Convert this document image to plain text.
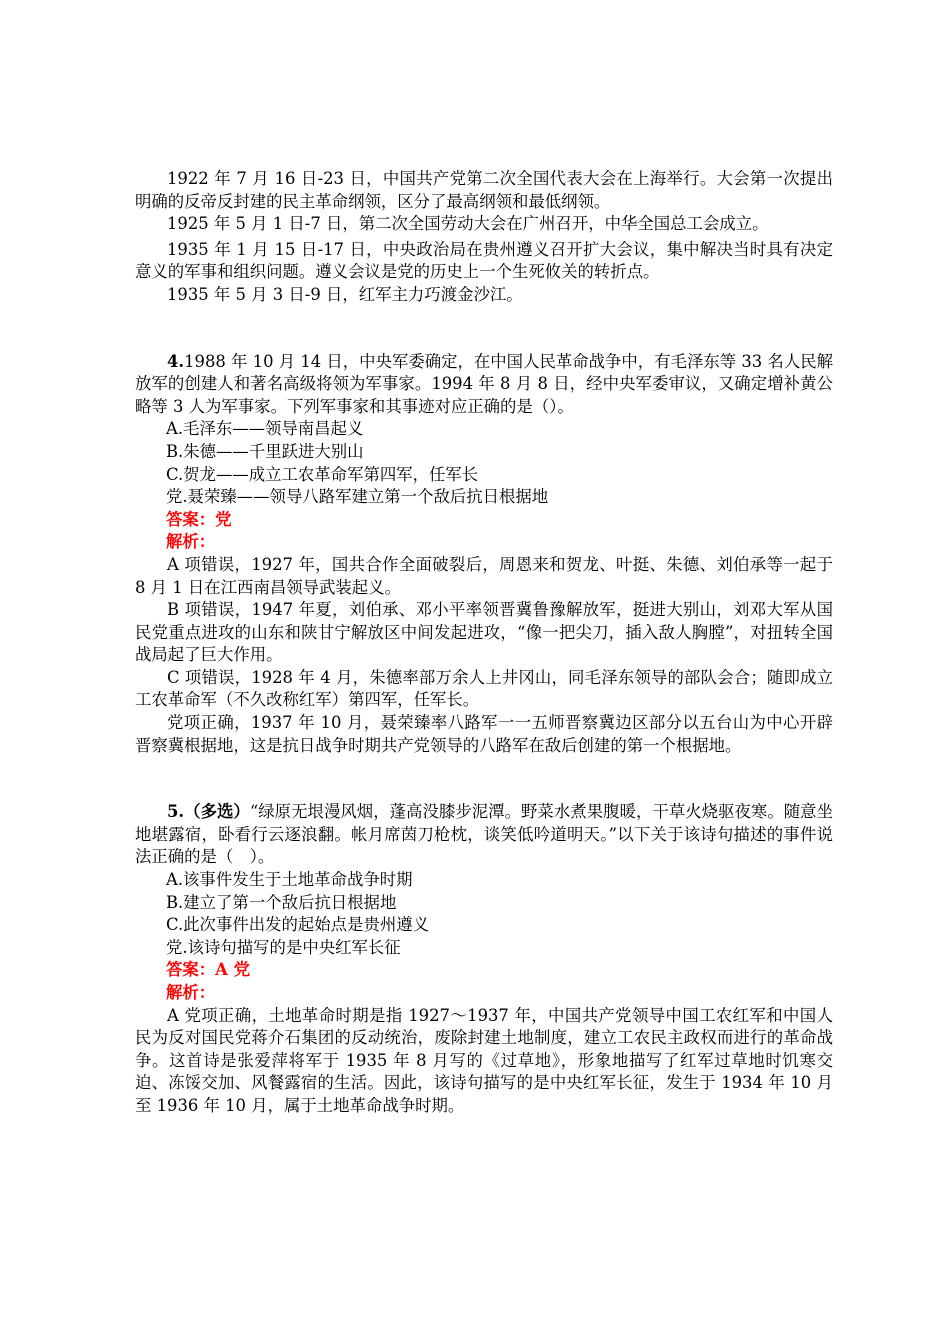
1922 年 7 月 16 日-23 日，中国共产党第二次全国代表大会在上海举行。大会第一次提出明确的反帝反封建的民主革命纲领，区分了最高纲领和最低纲领。

1925 年 5 月 1 日-7 日，第二次全国劳动大会在广州召开，中华全国总工会成立。

1935 年 1 月 15 日-17 日，中央政治局在贵州遵义召开扩大会议，集中解决当时具有决定意义的军事和组织问题。遵义会议是党的历史上一个生死攸关的转折点。

1935 年 5 月 3 日-9 日，红军主力巧渡金沙江。

4.1988 年 10 月 14 日，中央军委确定，在中国人民革命战争中，有毛泽东等 33 名人民解放军的创建人和著名高级将领为军事家。1994 年 8 月 8 日，经中央军委审议，又确定增补黄公略等 3 人为军事家。下列军事家和其事迹对应正确的是（）。

A.毛泽东——领导南昌起义

B.朱德——千里跃进大别山

C.贺龙——成立工农革命军第四军，任军长

党.聂荣臻——领导八路军建立第一个敌后抗日根据地

答案：党

解析：

A 项错误，1927 年，国共合作全面破裂后，周恩来和贺龙、叶挺、朱德、刘伯承等一起于 8 月 1 日在江西南昌领导武装起义。

B 项错误，1947 年夏，刘伯承、邓小平率领晋冀鲁豫解放军，挺进大别山，刘邓大军从国民党重点进攻的山东和陕甘宁解放区中间发起进攻，“像一把尖刀，插入敌人胸膛”，对扭转全国战局起了巨大作用。

C 项错误，1928 年 4 月，朱德率部万余人上井冈山，同毛泽东领导的部队会合；随即成立工农革命军（不久改称红军）第四军，任军长。

党项正确，1937 年 10 月，聂荣臻率八路军一一五师晋察冀边区部分以五台山为中心开辟晋察冀根据地，这是抗日战争时期共产党领导的八路军在敌后创建的第一个根据地。

5.（多选）“绿原无垠漫风烟，蓬高没膝步泥潭。野菜水煮果腹暖，干草火烧驱夜寒。随意坐地堪露宿，卧看行云逐浪翻。帐月席茵刀枪枕，谈笑低吟道明天。”以下关于该诗句描述的事件说法正确的是（　）。

A.该事件发生于土地革命战争时期

B.建立了第一个敌后抗日根据地

C.此次事件出发的起始点是贵州遵义

党.该诗句描写的是中央红军长征

答案：A 党

解析：

A 党项正确，土地革命时期是指 1927～1937 年，中国共产党领导中国工农红军和中国人民为反对国民党蒋介石集团的反动统治，废除封建土地制度，建立工农民主政权而进行的革命战争。这首诗是张爱萍将军于 1935 年 8 月写的《过草地》，形象地描写了红军过草地时饥寒交迫、冻馁交加、风餐露宿的生活。因此，该诗句描写的是中央红军长征，发生于 1934 年 10 月至 1936 年 10 月，属于土地革命战争时期。
